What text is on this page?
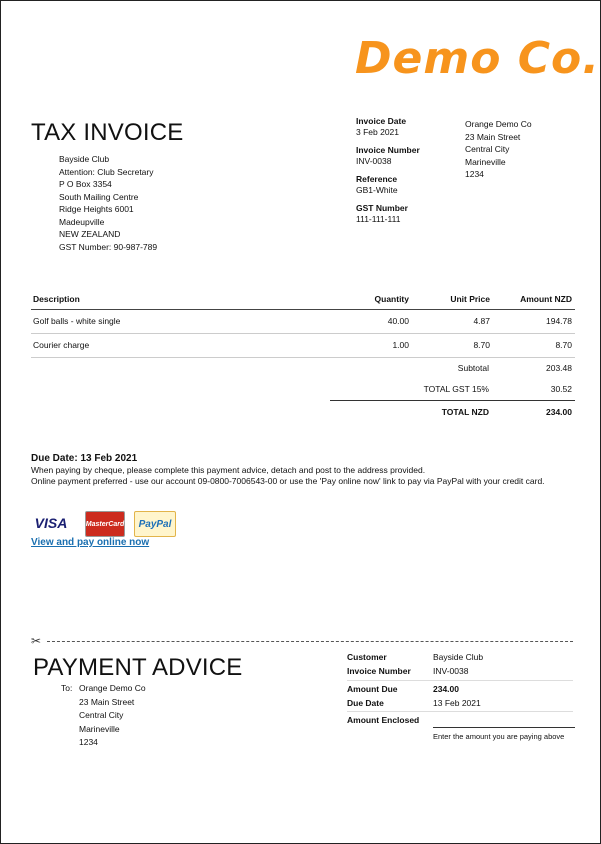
Demo Co.
TAX INVOICE
Bayside Club
Attention: Club Secretary
P O Box 3354
South Mailing Centre
Ridge Heights 6001
Madeupville
NEW ZEALAND
GST Number: 90-987-789
Invoice Date
3 Feb 2021
Invoice Number
INV-0038
Reference
GB1-White
GST Number
111-111-111
Orange Demo Co
23 Main Street
Central City
Marineville
1234
Description	Quantity	Unit Price	Amount NZD
Golf balls - white single	40.00	4.87	194.78
Courier charge	1.00	8.70	8.70
Subtotal	203.48
TOTAL GST 15%	30.52
TOTAL NZD	234.00
Due Date: 13 Feb 2021
When paying by cheque, please complete this payment advice, detach and post to the address provided.
Online payment preferred - use our account 09-0800-7006543-00 or use the 'Pay online now' link to pay via PayPal with your credit card.
VISA	MasterCard	PayPal
View and pay online now
✂
PAYMENT ADVICE
To: Orange Demo Co
23 Main Street
Central City
Marineville
1234
Customer	Bayside Club
Invoice Number	INV-0038
Amount Due	234.00
Due Date	13 Feb 2021
Amount Enclosed
Enter the amount you are paying above
